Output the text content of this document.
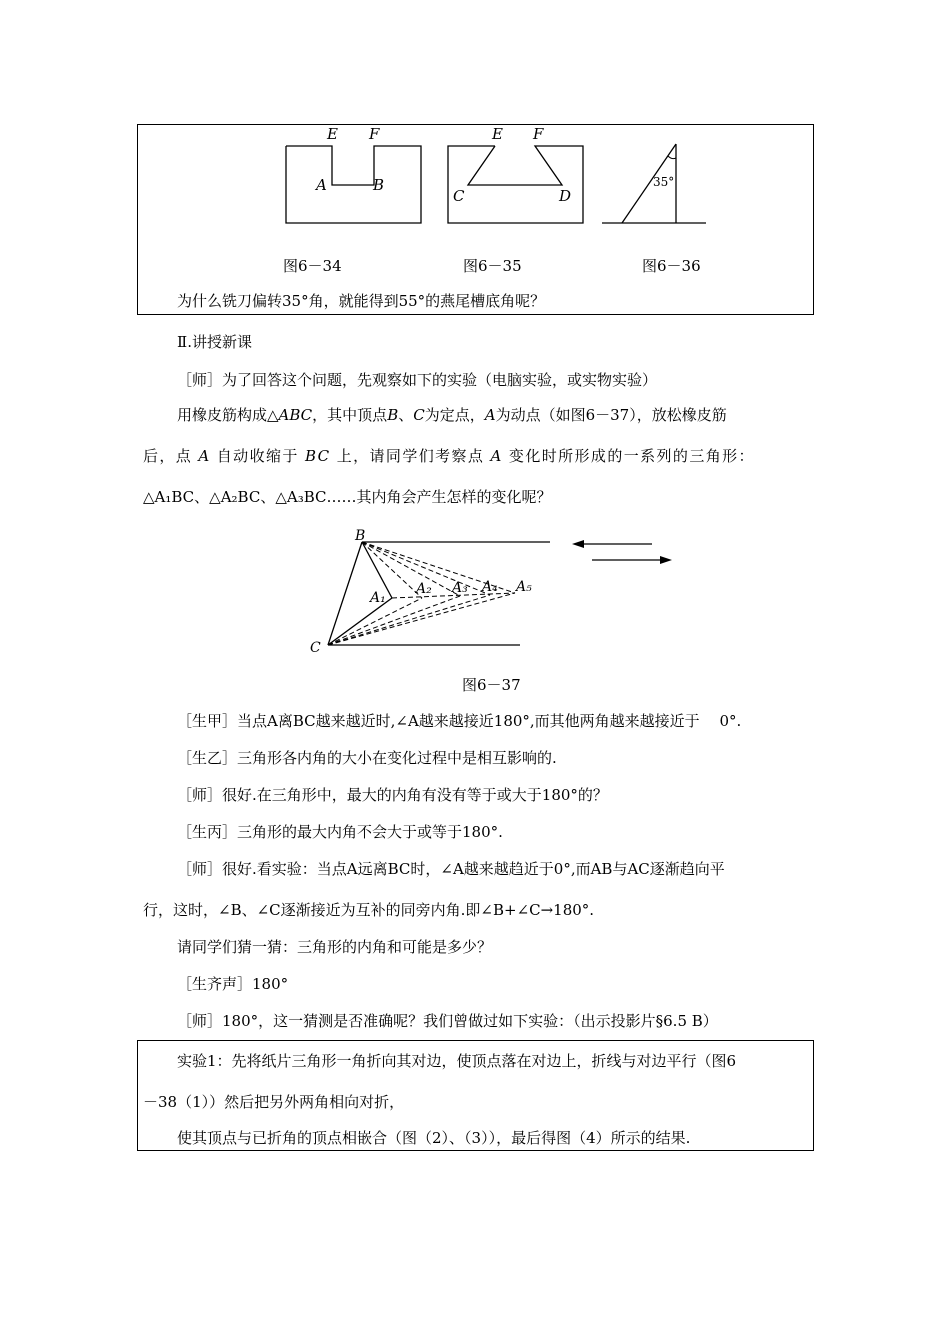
E F
A	B
E F
C	D
35°
图6－34	图6－35	图6－36
为什么铣刀偏转35°角，就能得到55°的燕尾槽底角呢？
Ⅱ.讲授新课
［师］为了回答这个问题，先观察如下的实验（电脑实验，或实物实验）
用橡皮筋构成△ABC，其中顶点B、C为定点，A为动点（如图6－37），放松橡皮筋
后，点 A 自动收缩于 BC 上，请同学们考察点 A 变化时所形成的一系列的三角形：
△A₁BC、△A₂BC、△A₃BC……其内角会产生怎样的变化呢？
B
C
A₁
A₂ A₃ A₄ A₅
图6－37
［生甲］当点A离BC越来越近时,∠A越来越接近180°,而其他两角越来越接近于　 0°.
［生乙］三角形各内角的大小在变化过程中是相互影响的.
［师］很好.在三角形中，最大的内角有没有等于或大于180°的？
［生丙］三角形的最大内角不会大于或等于180°.
［师］很好.看实验：当点A远离BC时，∠A越来越趋近于0°,而AB与AC逐渐趋向平
行，这时，∠B、∠C逐渐接近为互补的同旁内角.即∠B+∠C→180°.
请同学们猜一猜：三角形的内角和可能是多少？
［生齐声］180°
［师］180°，这一猜测是否准确呢？我们曾做过如下实验：（出示投影片§6.5 B）
实验1：先将纸片三角形一角折向其对边，使顶点落在对边上，折线与对边平行（图6
－38（1））然后把另外两角相向对折，
使其顶点与已折角的顶点相嵌合（图（2）、（3）），最后得图（4）所示的结果.
